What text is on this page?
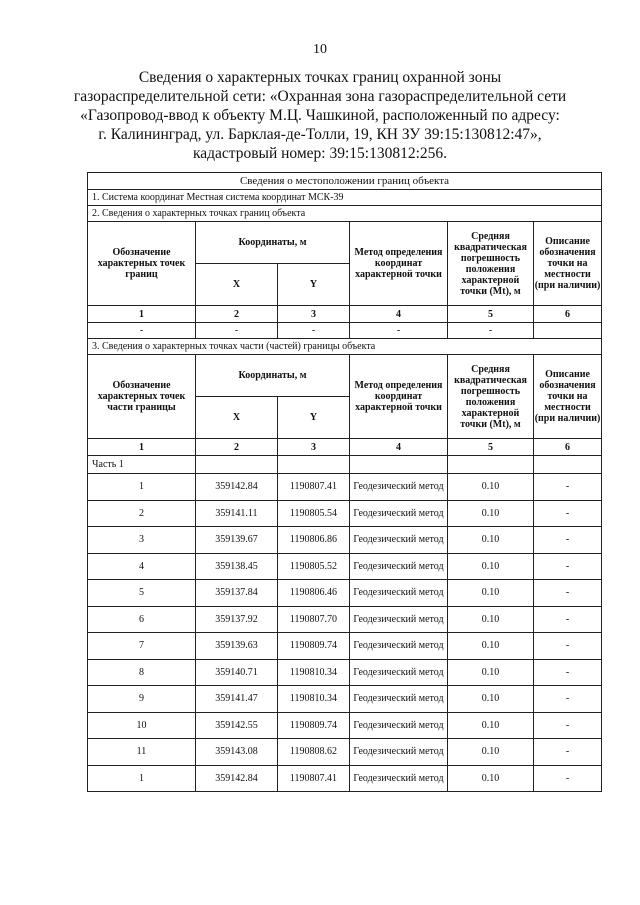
10
Сведения о характерных точках границ охранной зоны
газораспределительной сети: «Охранная зона газораспределительной сети
«Газопровод-ввод к объекту М.Ц. Чашкиной, расположенный по адресу:
г. Калининград, ул. Барклая-де-Толли, 19, КН ЗУ 39:15:130812:47»,
кадастровый номер: 39:15:130812:256.
Сведения о местоположении границ объекта					
1. Система координат Местная система координат МСК-39					
2. Сведения о характерных точках границ объекта					
Обозначение характерных точек границ	Координаты, м		Метод определения координат характерной точки	Средняя квадратическая погрешность положения характерной точки (Mt), м	Описание обозначения точки на местности (при наличии)
	X	Y			
1	2	3	4	5	6
-	-	-	-	-	
3. Сведения о характерных точках части (частей) границы объекта					
Обозначение характерных точек части границы	Координаты, м		Метод определения координат характерной точки	Средняя квадратическая погрешность положения характерной точки (Mt), м	Описание обозначения точки на местности (при наличии)
	X	Y			
1	2	3	4	5	6
Часть 1					
1	359142.84	1190807.41	Геодезический метод	0.10	-
2	359141.11	1190805.54	Геодезический метод	0.10	-
3	359139.67	1190806.86	Геодезический метод	0.10	-
4	359138.45	1190805.52	Геодезический метод	0.10	-
5	359137.84	1190806.46	Геодезический метод	0.10	-
6	359137.92	1190807.70	Геодезический метод	0.10	-
7	359139.63	1190809.74	Геодезический метод	0.10	-
8	359140.71	1190810.34	Геодезический метод	0.10	-
9	359141.47	1190810.34	Геодезический метод	0.10	-
10	359142.55	1190809.74	Геодезический метод	0.10	-
11	359143.08	1190808.62	Геодезический метод	0.10	-
1	359142.84	1190807.41	Геодезический метод	0.10	-
